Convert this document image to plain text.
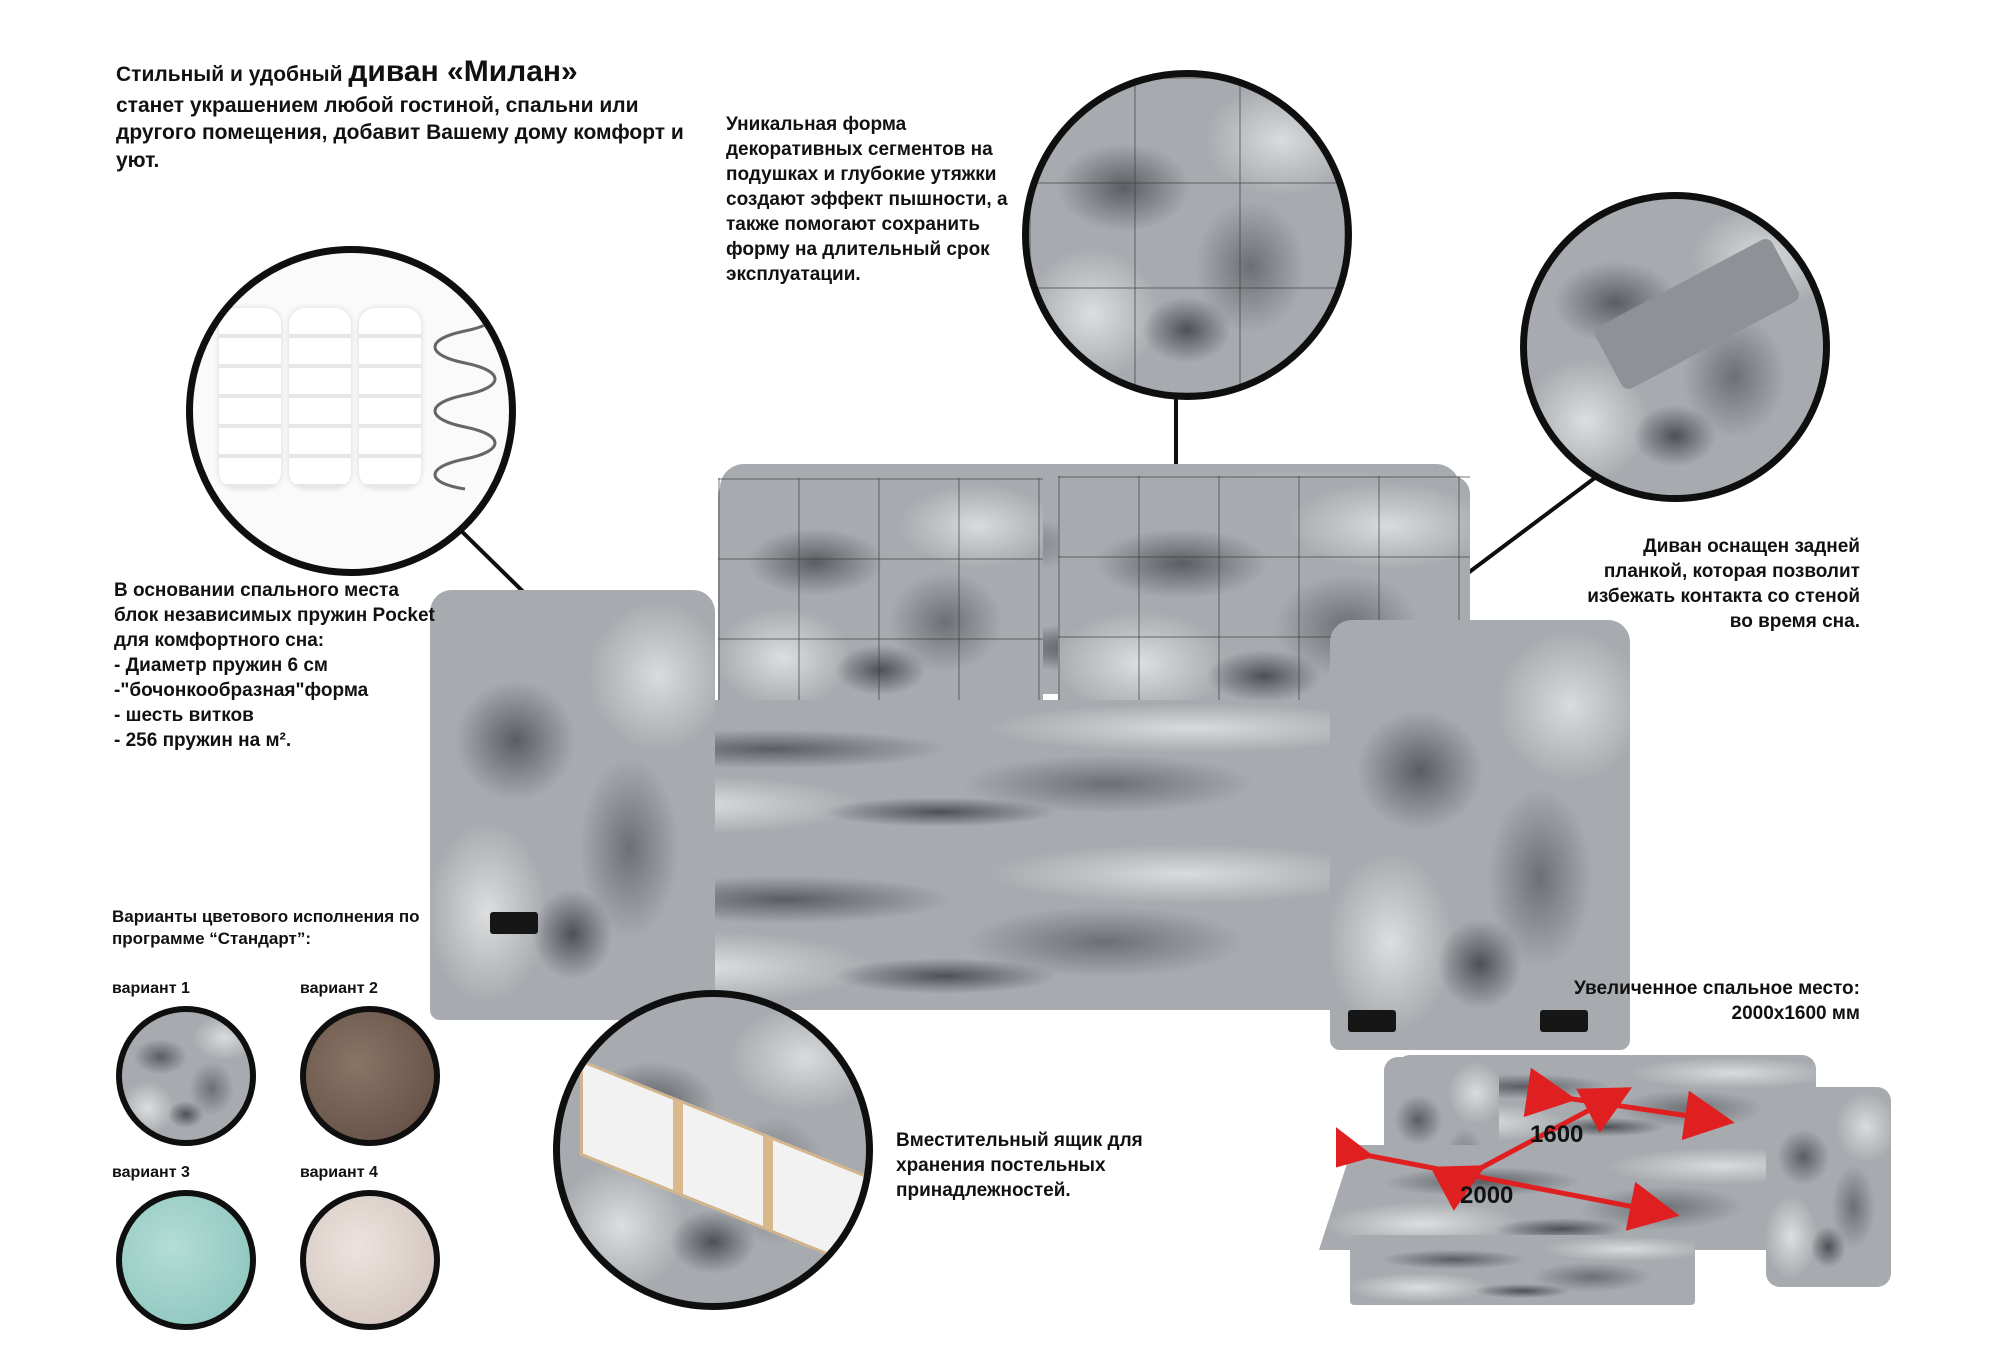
Стильный и удобный диван «Милан»
станет украшением любой гостиной, спальни или другого помещения, добавит Вашему дому комфорт и уют.
Уникальная форма декоративных сегментов на подушках и глубокие утяжки создают эффект пышности, а также помогают сохранить форму на длительный срок эксплуатации.
В основании спального места блок независимых пружин Pocket для комфортного сна:
- Диаметр пружин 6 см
-"бочонкообразная"форма
- шесть витков
- 256 пружин на м².
Диван оснащен задней планкой, которая позволит избежать контакта со стеной во время сна.
Вместительный ящик для хранения постельных принадлежностей.
Увеличенное спальное место:
2000x1600 мм
Варианты цветового исполнения по программе “Стандарт”:
вариант 1	вариант 2
вариант 3	вариант 4
1600
2000
